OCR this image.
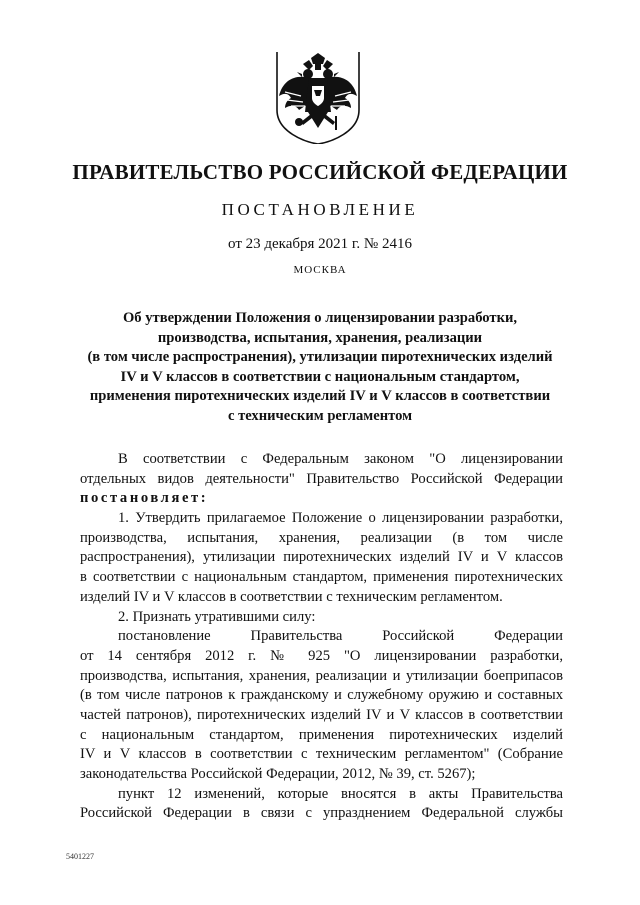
ПРАВИТЕЛЬСТВО РОССИЙСКОЙ ФЕДЕРАЦИИ
ПОСТАНОВЛЕНИЕ
от 23 декабря 2021 г. № 2416
МОСКВА
Об утверждении Положения о лицензировании разработки,
производства, испытания, хранения, реализации
(в том числе распространения), утилизации пиротехнических изделий
IV и V классов в соответствии с национальным стандартом,
применения пиротехнических изделий IV и V классов в соответствии
с техническим регламентом
В соответствии с Федеральным законом "О лицензировании
отдельных видов деятельности" Правительство Российской Федерации
постановляет:
1. Утвердить прилагаемое Положение о лицензировании разработки,
производства, испытания, хранения, реализации (в том числе
распространения), утилизации пиротехнических изделий IV и V классов
в соответствии с национальным стандартом, применения пиротехнических
изделий IV и V классов в соответствии с техническим регламентом.
2. Признать утратившими силу:
постановление Правительства Российской Федерации
от 14 сентября 2012 г. № 925 "О лицензировании разработки,
производства, испытания, хранения, реализации и утилизации боеприпасов
(в том числе патронов к гражданскому и служебному оружию и составных
частей патронов), пиротехнических изделий IV и V классов в соответствии
с национальным стандартом, применения пиротехнических изделий
IV и V классов в соответствии с техническим регламентом" (Собрание
законодательства Российской Федерации, 2012, № 39, ст. 5267);
пункт 12 изменений, которые вносятся в акты Правительства
Российской Федерации в связи с упразднением Федеральной службы
5401227
